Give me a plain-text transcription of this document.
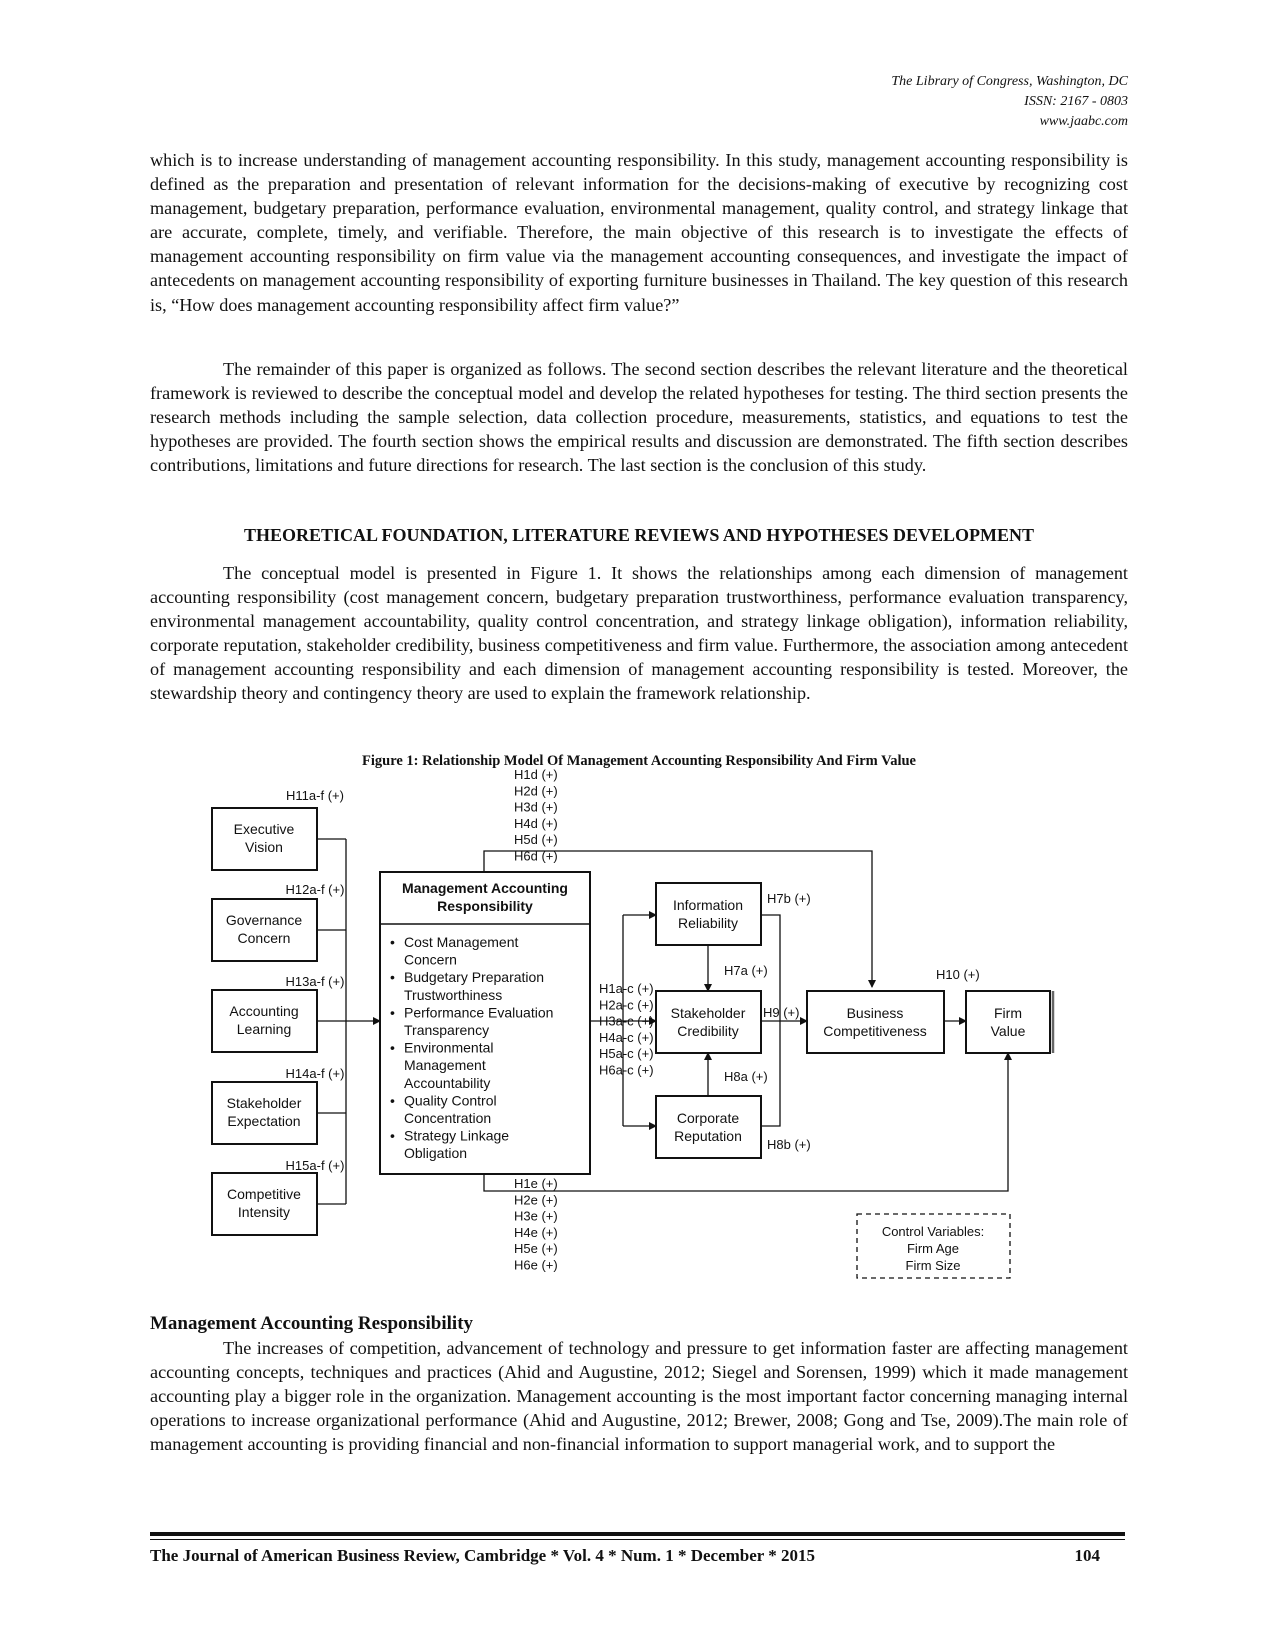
The Library of Congress, Washington, DC
ISSN: 2167 - 0803
www.jaabc.com

which is to increase understanding of management accounting responsibility. In this study, management accounting responsibility is defined as the preparation and presentation of relevant information for the decisions-making of executive by recognizing cost management, budgetary preparation, performance evaluation, environmental management, quality control, and strategy linkage that are accurate, complete, timely, and verifiable. Therefore, the main objective of this research is to investigate the effects of management accounting responsibility on firm value via the management accounting consequences, and investigate the impact of antecedents on management accounting responsibility of exporting furniture businesses in Thailand. The key question of this research is, “How does management accounting responsibility affect firm value?”

The remainder of this paper is organized as follows. The second section describes the relevant literature and the theoretical framework is reviewed to describe the conceptual model and develop the related hypotheses for testing. The third section presents the research methods including the sample selection, data collection procedure, measurements, statistics, and equations to test the hypotheses are provided. The fourth section shows the empirical results and discussion are demonstrated. The fifth section describes contributions, limitations and future directions for research. The last section is the conclusion of this study.

THEORETICAL FOUNDATION, LITERATURE REVIEWS AND HYPOTHESES DEVELOPMENT

The conceptual model is presented in Figure 1. It shows the relationships among each dimension of management accounting responsibility (cost management concern, budgetary preparation trustworthiness, performance evaluation transparency, environmental management accountability, quality control concentration, and strategy linkage obligation), information reliability, corporate reputation, stakeholder credibility, business competitiveness and firm value. Furthermore, the association among antecedent of management accounting responsibility and each dimension of management accounting responsibility is tested. Moreover, the stewardship theory and contingency theory are used to explain the framework relationship.

Figure 1: Relationship Model Of Management Accounting Responsibility And Firm Value
Executive
Vision
Governance
Concern
Accounting
Learning
Stakeholder
Expectation
Competitive
Intensity
H11a-f (+)
H12a-f (+)
H13a-f (+)
H14a-f (+)
H15a-f (+)
Management Accounting
Responsibility	Information
Reliability
Stakeholder
Credibility
Corporate
Reputation
Business
Competitiveness
Firm
Value
Control Variables:
Firm Age
Firm Size
H7a (+)
H7b (+)
H8a (+)
H8b (+)
H9 (+)
H10 (+)
• Cost Management
Concern
• Budgetary Preparation
Trustworthiness
• Performance Evaluation
Transparency
• Environmental
Management
Accountability
• Quality Control
Concentration
• Strategy Linkage
Obligation
H1d (+)
H2d (+)
H3d (+)
H4d (+)
H5d (+)
H6d (+)
H1e (+)
H2e (+)
H3e (+)
H4e (+)
H5e (+)
H6e (+)
H1a-c (+)
H2a-c (+)
H3a-c (+)
H4a-c (+)
H5a-c (+)
H6a-c (+)
Management Accounting Responsibility

The increases of competition, advancement of technology and pressure to get information faster are affecting management accounting concepts, techniques and practices (Ahid and Augustine, 2012; Siegel and Sorensen, 1999) which it made management accounting play a bigger role in the organization. Management accounting is the most important factor concerning managing internal operations to increase organizational performance (Ahid and Augustine, 2012; Brewer, 2008; Gong and Tse, 2009).The main role of management accounting is providing financial and non-financial information to support managerial work, and to support the

The Journal of American Business Review, Cambridge * Vol. 4 * Num. 1 * December * 2015	104
